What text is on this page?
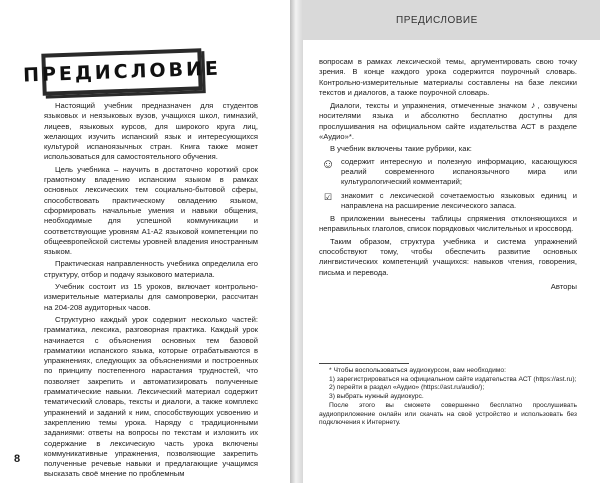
ПРЕДИСЛОВИЕ

Настоящий учебник предназначен для студентов языковых и неязыковых вузов, учащихся школ, гимназий, лицеев, языковых курсов, для широкого круга лиц, желающих изучить испанский язык и интересующихся культурой испаноязычных стран. Книга также может использоваться для самостоятельного обучения.

Цель учебника – научить в достаточно короткий срок грамотному владению испанским языком в рамках основных лексических тем социально-бытовой сферы, способствовать практическому овладению языком, сформировать начальные умения и навыки общения, необходимые для успешной коммуникации и соответствующие уровням А1-А2 языковой компетенции по общеевропейской системы уровней владения иностранным языком.

Практическая направленность учебника определила его структуру, отбор и подачу языкового материала.

Учебник состоит из 15 уроков, включает контрольно-измерительные материалы для самопроверки, рассчитан на 204-208 аудиторных часов.

Структурно каждый урок содержит несколько частей: грамматика, лексика, разговорная практика. Каждый урок начинается с объяснения основных тем базовой грамматики испанского языка, которые отрабатываются в упражнениях, следующих за объяснениями и построенных по принципу постепенного нарастания трудностей, что позволяет закрепить и автоматизировать полученные грамматические навыки. Лексический материал содержит тематический словарь, тексты и диалоги, а также комплекс упражнений и заданий к ним, способствующих усвоению и закреплению темы урока. Наряду с традиционными заданиями: ответы на вопросы по текстам и изложить их содержание в лексическую часть урока включены коммуникативные упражнения, позволяющие закрепить полученные речевые навыки и предлагающие учащимся высказать своё мнение по проблемным

8
ПРЕДИСЛОВИЕ

вопросам в рамках лексической темы, аргументировать свою точку зрения. В конце каждого урока содержится поурочный словарь. Контрольно-измерительные материалы составлены на базе лексики текстов и диалогов, а также поурочной словарь.

Диалоги, тексты и упражнения, отмеченные значком ♪, озвучены носителями языка и абсолютно бесплатно доступны для прослушивания на официальном сайте издательства АСТ в разделе «Аудио»*.

В учебник включены такие рубрики, как:

☺ содержит интересную и полезную информацию, касающуюся реалий современного испаноязычного мира или культурологический комментарий;
☑	знакомит с лексической сочетаемостью языковых единиц и направлена на расширение лексического запаса.

В приложении вынесены таблицы спряжения отклоняющихся и неправильных глаголов, список порядковых числительных и кроссворд.

Таким образом, структура учебника и система упражнений способствуют тому, чтобы обеспечить развитие основных лингвистических компетенций учащихся: навыков чтения, говорения, письма и перевода.

Авторы

* Чтобы воспользоваться аудиокурсом, вам необходимо:

1) зарегистрироваться на официальном сайте издательства АСТ (https://ast.ru);

2) перейти в раздел «Аудио» (https://ast.ru/audio/);

3) выбрать нужный аудиокурс.

После этого вы сможете совершенно бесплатно прослушивать аудиоприложение онлайн или скачать на своё устройство и использовать без подключения к Интернету.
